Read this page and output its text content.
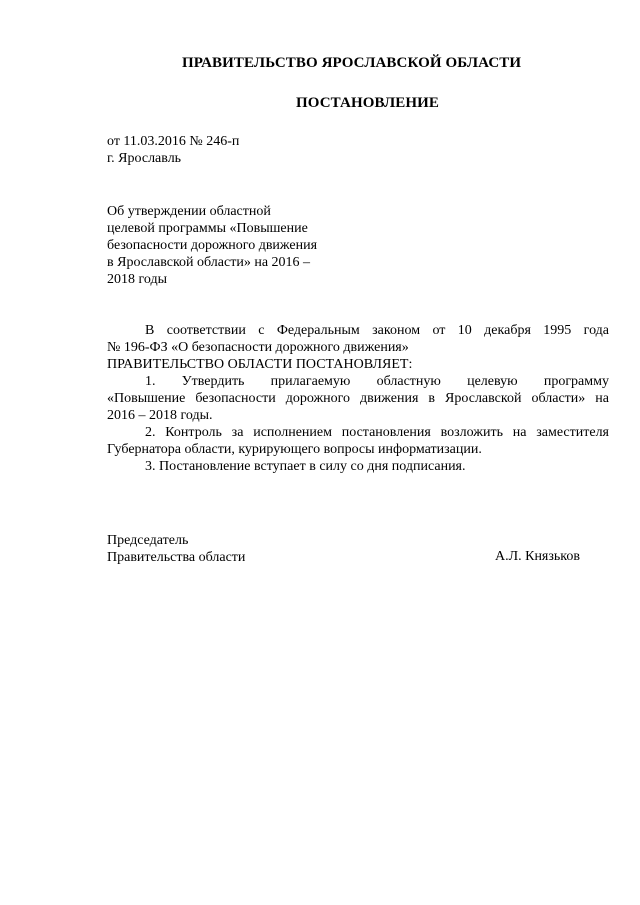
ПРАВИТЕЛЬСТВО ЯРОСЛАВСКОЙ ОБЛАСТИ
ПОСТАНОВЛЕНИЕ
от 11.03.2016 № 246-п
г. Ярославль
Об утверждении областной
целевой программы «Повышение
безопасности дорожного движения
в Ярославской области» на 2016 –
2018 годы

В соответствии с Федеральным законом от 10 декабря 1995 года

№ 196-ФЗ «О безопасности дорожного движения»

ПРАВИТЕЛЬСТВО ОБЛАСТИ ПОСТАНОВЛЯЕТ:

1. Утвердить прилагаемую областную целевую программу

«Повышение безопасности дорожного движения в Ярославской области» на

2016 – 2018 годы.

2. Контроль за исполнением постановления возложить на заместителя

Губернатора области, курирующего вопросы информатизации.

3. Постановление вступает в силу со дня подписания.

Председатель
Правительства области	А.Л. Князьков
